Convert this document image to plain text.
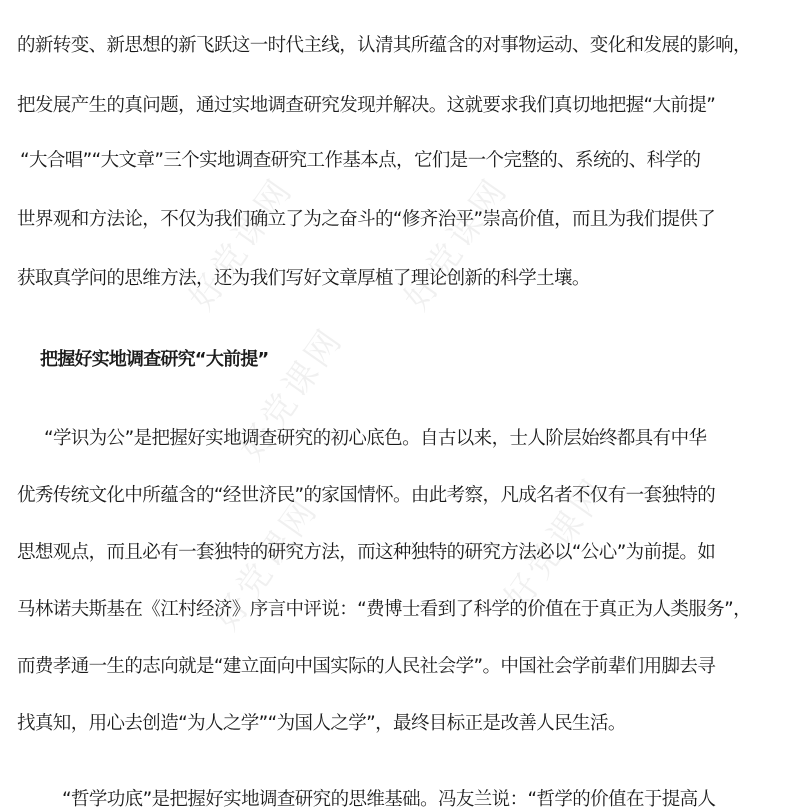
好党课网	好党课网
好党课网
好党课网	好党课网
的新转变、新思想的新飞跃这一时代主线，认清其所蕴含的对事物运动、变化和发展的影响，
把发展产生的真问题，通过实地调查研究发现并解决。这就要求我们真切地把握“大前提”
“大合唱”“大文章”三个实地调查研究工作基本点，它们是一个完整的、系统的、科学的
世界观和方法论，不仅为我们确立了为之奋斗的“修齐治平”崇高价值，而且为我们提供了
获取真学问的思维方法，还为我们写好文章厚植了理论创新的科学土壤。
把握好实地调查研究“大前提”
“学识为公”是把握好实地调查研究的初心底色。自古以来，士人阶层始终都具有中华
优秀传统文化中所蕴含的“经世济民”的家国情怀。由此考察，凡成名者不仅有一套独特的
思想观点，而且必有一套独特的研究方法，而这种独特的研究方法必以“公心”为前提。如
马林诺夫斯基在《江村经济》序言中评说：“费博士看到了科学的价值在于真正为人类服务”，
而费孝通一生的志向就是“建立面向中国实际的人民社会学”。中国社会学前辈们用脚去寻
找真知，用心去创造“为人之学”“为国人之学”，最终目标正是改善人民生活。
“哲学功底”是把握好实地调查研究的思维基础。冯友兰说：“哲学的价值在于提高人
